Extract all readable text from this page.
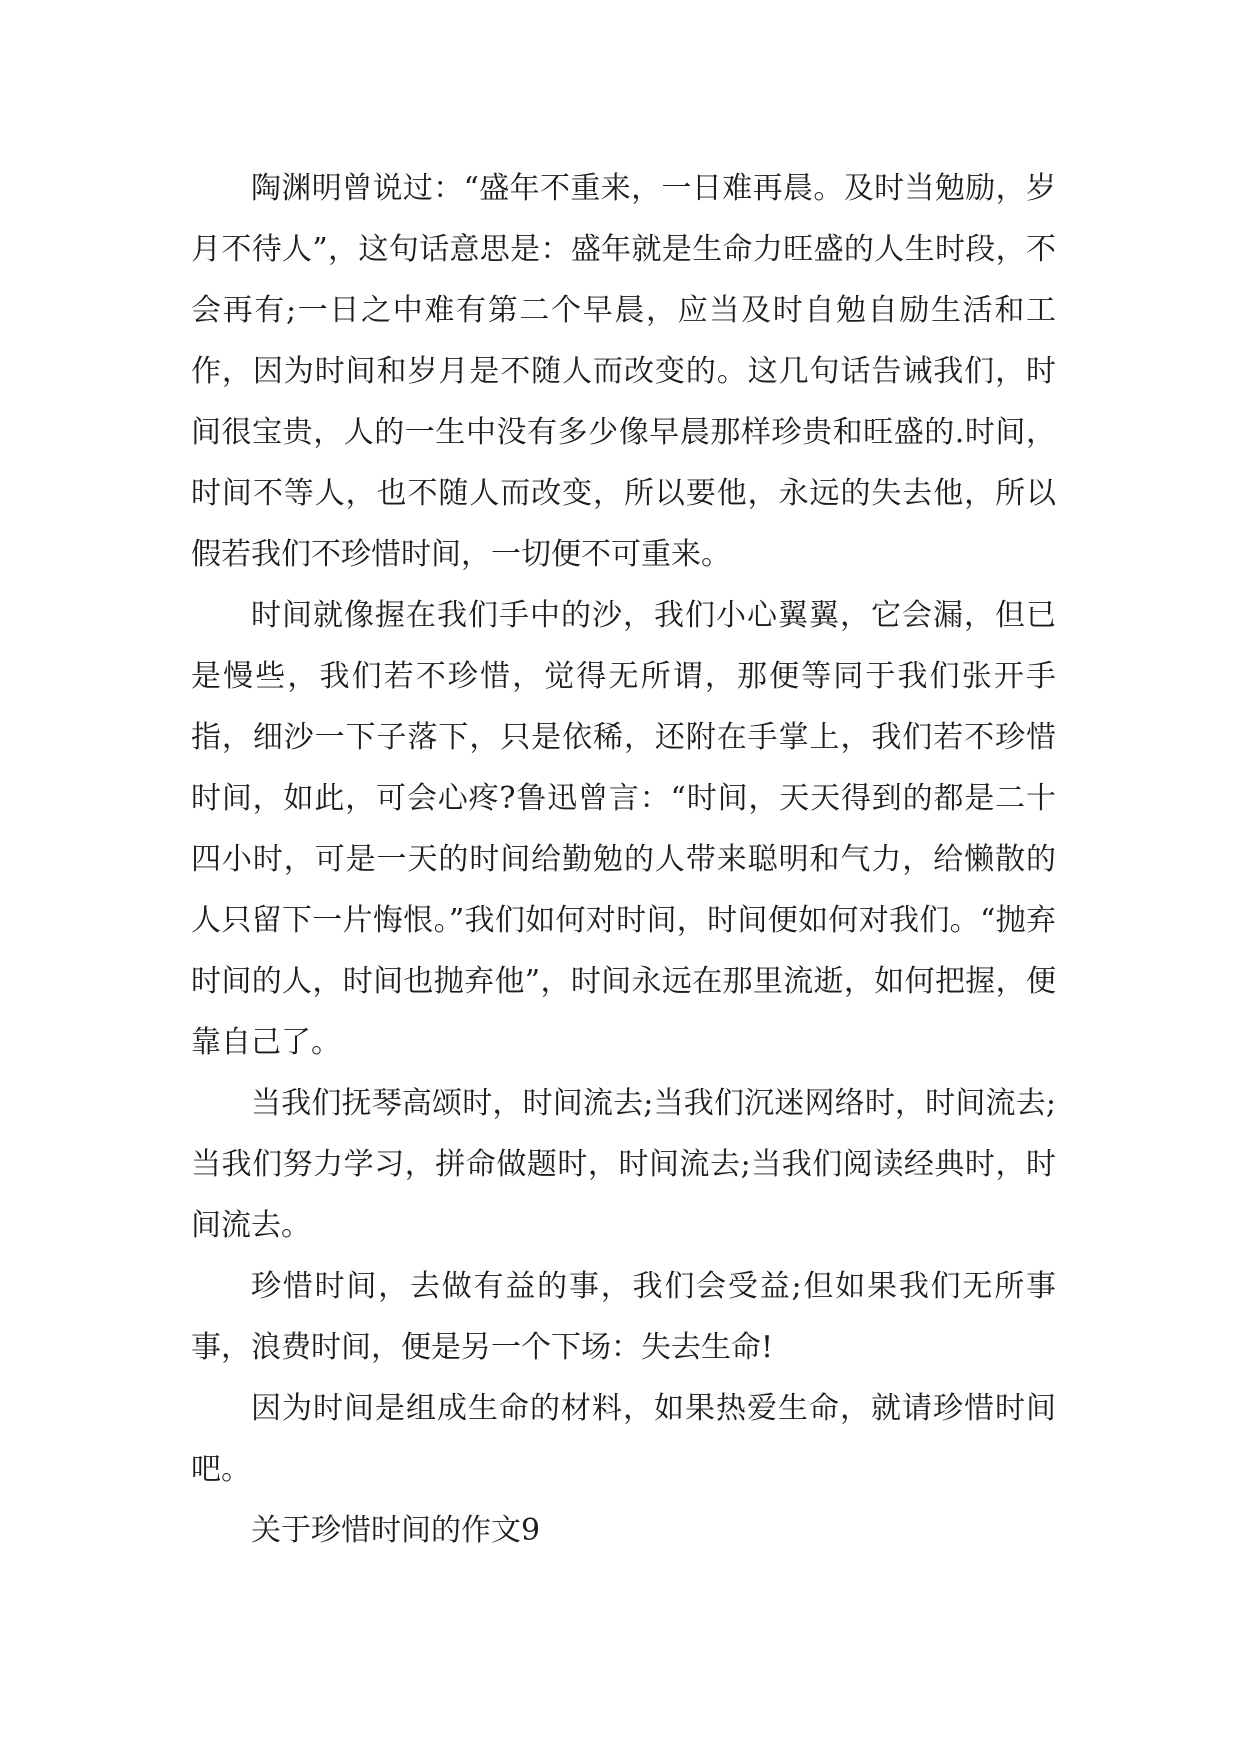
陶渊明曾说过：“盛年不重来，一日难再晨。及时当勉励，岁月不待人”，这句话意思是：盛年就是生命力旺盛的人生时段，不会再有;一日之中难有第二个早晨，应当及时自勉自励生活和工作，因为时间和岁月是不随人而改变的。这几句话告诫我们，时间很宝贵，人的一生中没有多少像早晨那样珍贵和旺盛的.时间，时间不等人，也不随人而改变，所以要他，永远的失去他，所以假若我们不珍惜时间，一切便不可重来。

时间就像握在我们手中的沙，我们小心翼翼，它会漏，但已是慢些，我们若不珍惜，觉得无所谓，那便等同于我们张开手指，细沙一下子落下，只是依稀，还附在手掌上，我们若不珍惜时间，如此，可会心疼?鲁迅曾言：“时间，天天得到的都是二十四小时，可是一天的时间给勤勉的人带来聪明和气力，给懒散的人只留下一片悔恨。”我们如何对时间，时间便如何对我们。“抛弃时间的人，时间也抛弃他”，时间永远在那里流逝，如何把握，便靠自己了。

当我们抚琴高颂时，时间流去;当我们沉迷网络时，时间流去;当我们努力学习，拼命做题时，时间流去;当我们阅读经典时，时间流去。

珍惜时间，去做有益的事，我们会受益;但如果我们无所事事，浪费时间，便是另一个下场：失去生命!

因为时间是组成生命的材料，如果热爱生命，就请珍惜时间吧。

关于珍惜时间的作文9
